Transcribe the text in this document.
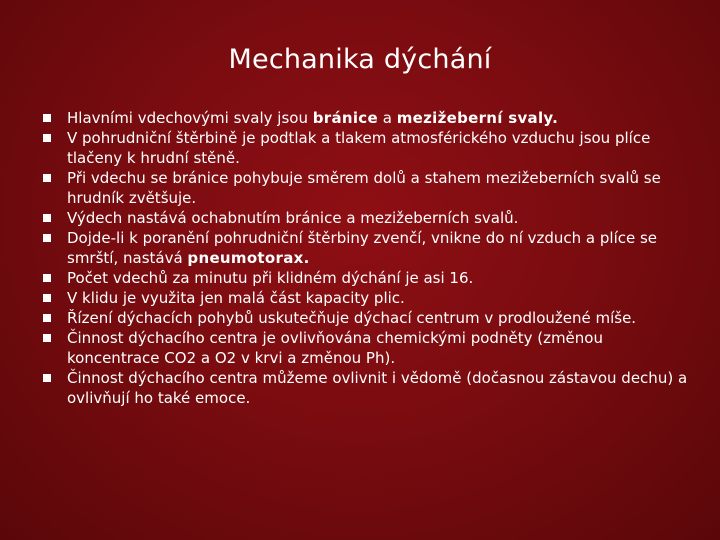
Mechanika dýchání
Hlavními vdechovými svaly jsou bránice a mezižeberní svaly.
V pohrudniční štěrbině je podtlak a tlakem atmosférického vzduchu jsou plíce tlačeny k hrudní stěně.
Při vdechu se bránice pohybuje směrem dolů a stahem mezižeberních svalů se hrudník zvětšuje.
Výdech nastává ochabnutím bránice a mezižeberních svalů.
Dojde-li k poranění pohrudniční štěrbiny zvenčí, vnikne do ní vzduch a plíce se smrští, nastává pneumotorax.
Počet vdechů za minutu při klidném dýchání je asi 16.
V klidu je využita jen malá část kapacity plic.
Řízení dýchacích pohybů uskutečňuje dýchací centrum v prodloužené míše.
Činnost dýchacího centra je ovlivňována chemickými podněty (změnou koncentrace CO2 a O2 v krvi a změnou Ph).
Činnost dýchacího centra můžeme ovlivnit i vědomě (dočasnou zástavou dechu) a ovlivňují ho také emoce.
